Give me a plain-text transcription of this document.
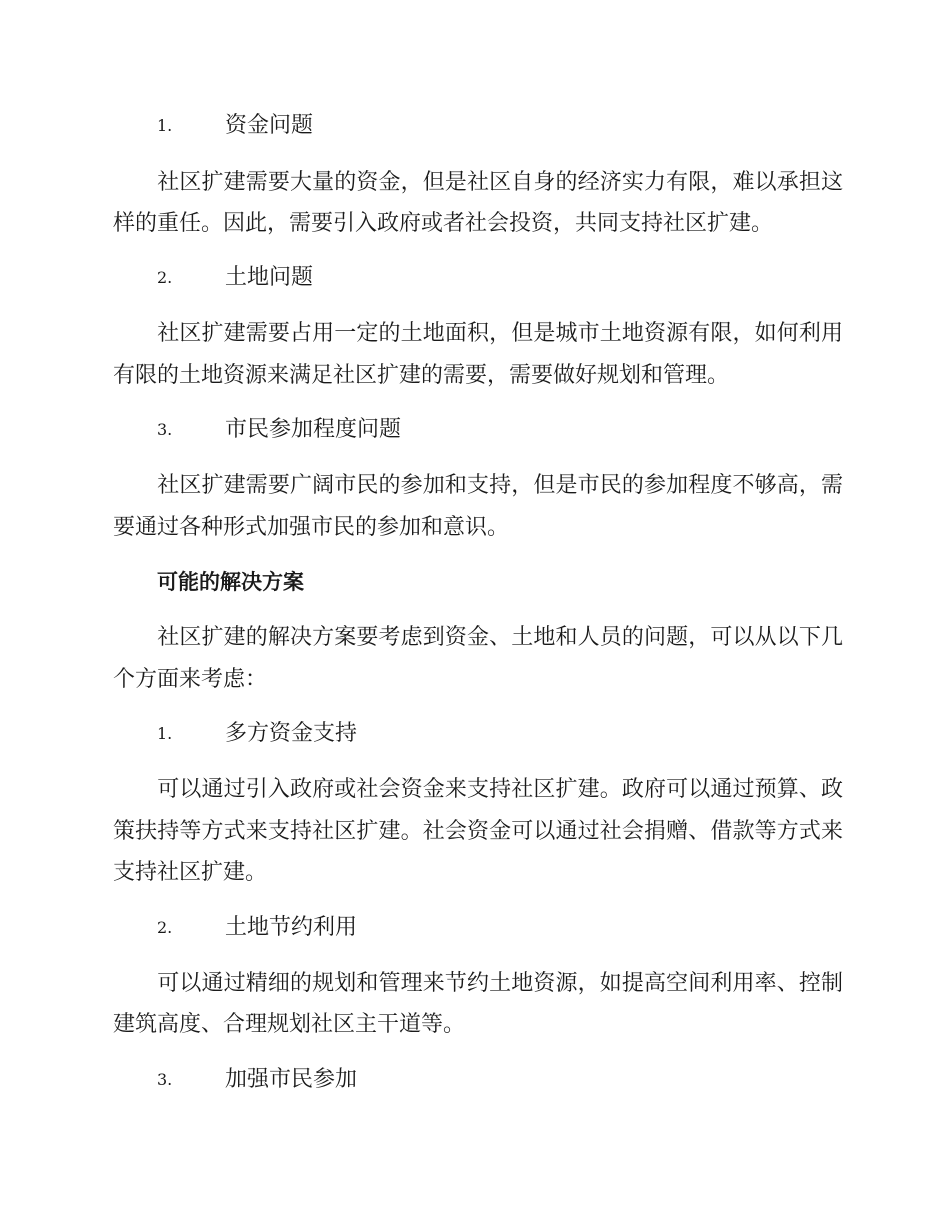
1. 资金问题
　　社区扩建需要大量的资金，但是社区自身的经济实力有限，难以承担这
样的重任。因此，需要引入政府或者社会投资，共同支持社区扩建。
2. 土地问题
　　社区扩建需要占用一定的土地面积，但是城市土地资源有限，如何利用
有限的土地资源来满足社区扩建的需要，需要做好规划和管理。
3. 市民参加程度问题
　　社区扩建需要广阔市民的参加和支持，但是市民的参加程度不够高，需
要通过各种形式加强市民的参加和意识。
可能的解决方案
　　社区扩建的解决方案要考虑到资金、土地和人员的问题，可以从以下几
个方面来考虑：
1. 多方资金支持
　　可以通过引入政府或社会资金来支持社区扩建。政府可以通过预算、政
策扶持等方式来支持社区扩建。社会资金可以通过社会捐赠、借款等方式来
支持社区扩建。
2. 土地节约利用
　　可以通过精细的规划和管理来节约土地资源，如提高空间利用率、控制
建筑高度、合理规划社区主干道等。
3. 加强市民参加
